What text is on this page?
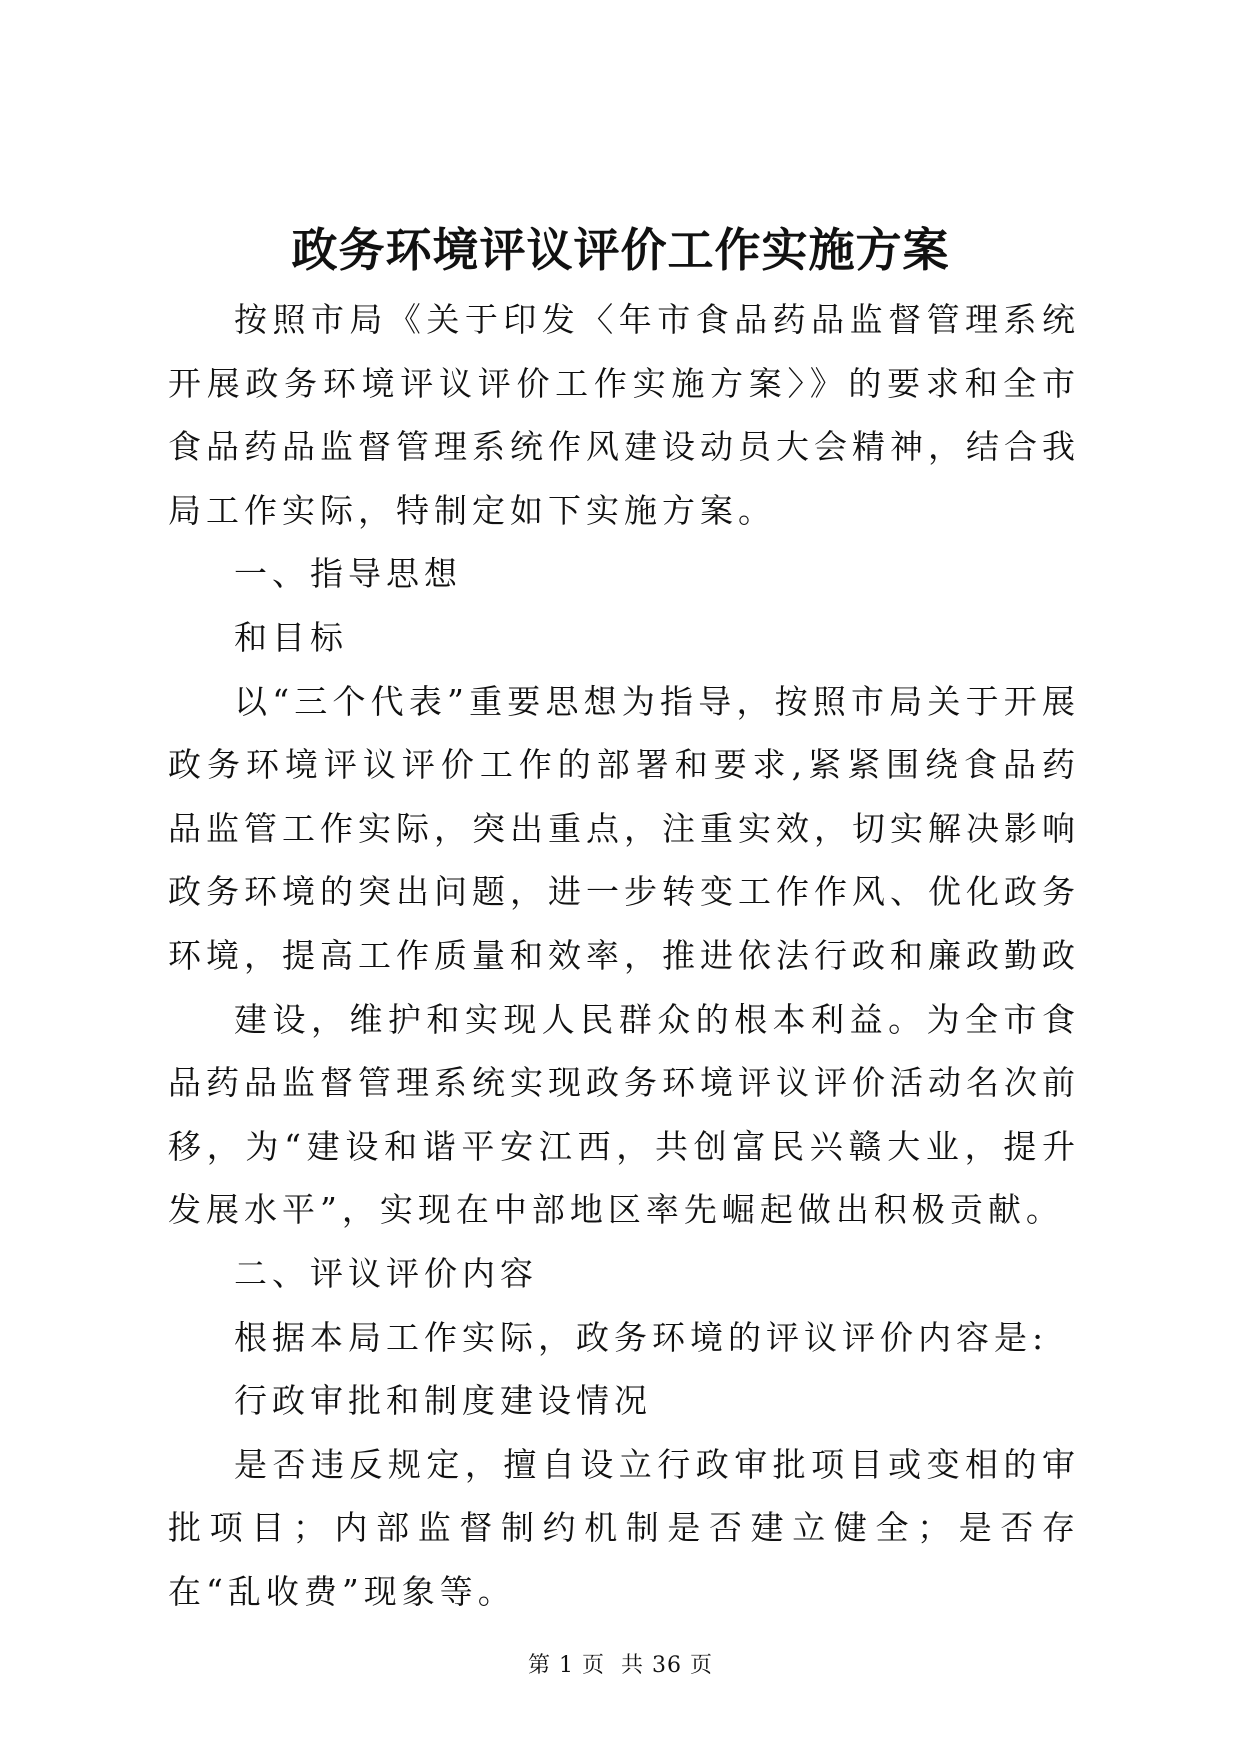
政务环境评议评价工作实施方案

按照市局《关于印发〈年市食品药品监督管理系统开展政务环境评议评价工作实施方案〉》的要求和全市食品药品监督管理系统作风建设动员大会精神，结合我局工作实际，特制定如下实施方案。

一、指导思想

和目标

以“三个代表”重要思想为指导，按照市局关于开展政务环境评议评价工作的部署和要求,紧紧围绕食品药品监管工作实际，突出重点，注重实效，切实解决影响政务环境的突出问题，进一步转变工作作风、优化政务环境，提高工作质量和效率，推进依法行政和廉政勤政

建设，维护和实现人民群众的根本利益。为全市食品药品监督管理系统实现政务环境评议评价活动名次前移，为“建设和谐平安江西，共创富民兴赣大业，提升发展水平”，实现在中部地区率先崛起做出积极贡献。

二、评议评价内容

根据本局工作实际，政务环境的评议评价内容是:

行政审批和制度建设情况

是否违反规定，擅自设立行政审批项目或变相的审批项目；内部监督制约机制是否建立健全；是否存在“乱收费”现象等。

第 1 页  共 36 页
